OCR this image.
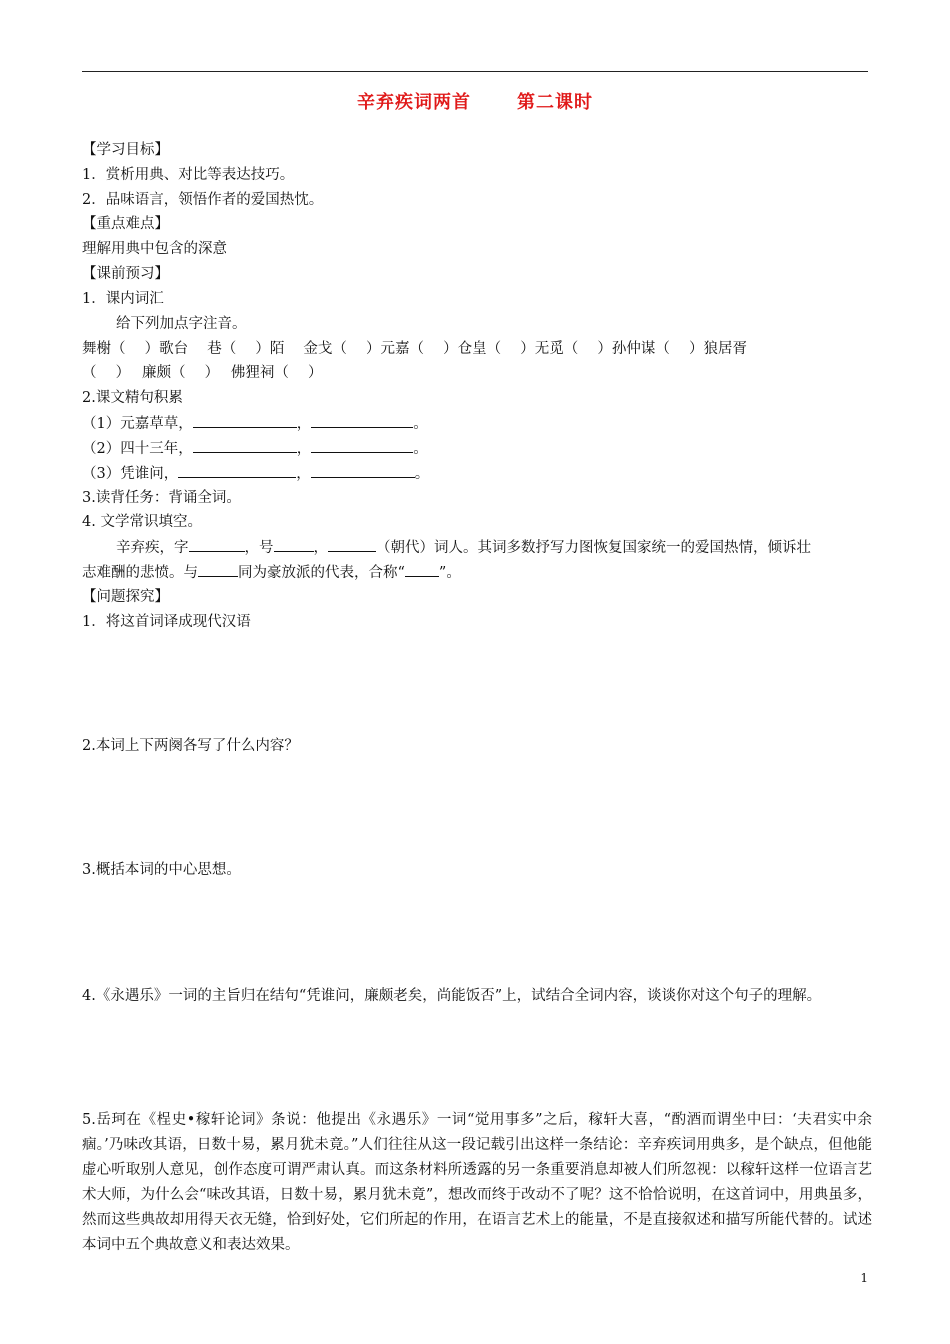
辛弃疾词两首	第二课时
【学习目标】
1．赏析用典、对比等表达技巧。
2．品味语言，领悟作者的爱国热忱。
【重点难点】
理解用典中包含的深意
【课前预习】
1．课内词汇
给下列加点字注音。
舞榭（　 ）歌台　 巷（　 ）陌　 金戈（　 ）元嘉（　 ）仓皇（　 ）无觅（　 ）孙仲谋（　 ）狼居胥
（　 ）　 廉颇（　 ）　 佛狸祠（　 ）
2.课文精句积累
（1）元嘉草草，	，	。
（2）四十三年，	，	。
（3）凭谁问，	，	。
3.读背任务：背诵全词。
4. 文学常识填空。
辛弃疾，字	，号	，	（朝代）词人。其词多数抒写力图恢复国家统一的爱国热情，倾诉壮
志难酬的悲愤。与	同为豪放派的代表，合称“ ”。
【问题探究】
1．将这首词译成现代汉语
2.本词上下两阕各写了什么内容？
3.概括本词的中心思想。
4.《永遇乐》一词的主旨归在结句“凭谁问，廉颇老矣，尚能饭否”上，试结合全词内容，谈谈你对这个句子的理解。
5.岳珂在《桯史•稼轩论词》条说：他提出《永遇乐》一词“觉用事多”之后，稼轩大喜，“酌酒而谓坐中曰：‘夫君实中余痼。’乃味改其语，日数十易，累月犹未竟。”人们往往从这一段记载引出这样一条结论：辛弃疾词用典多，是个缺点，但他能虚心听取别人意见，创作态度可谓严肃认真。而这条材料所透露的另一条重要消息却被人们所忽视：以稼轩这样一位语言艺术大师，为什么会“味改其语，日数十易，累月犹未竟”，想改而终于改动不了呢？这不恰恰说明，在这首词中，用典虽多，然而这些典故却用得天衣无缝，恰到好处，它们所起的作用，在语言艺术上的能量，不是直接叙述和描写所能代替的。试述本词中五个典故意义和表达效果。
1
